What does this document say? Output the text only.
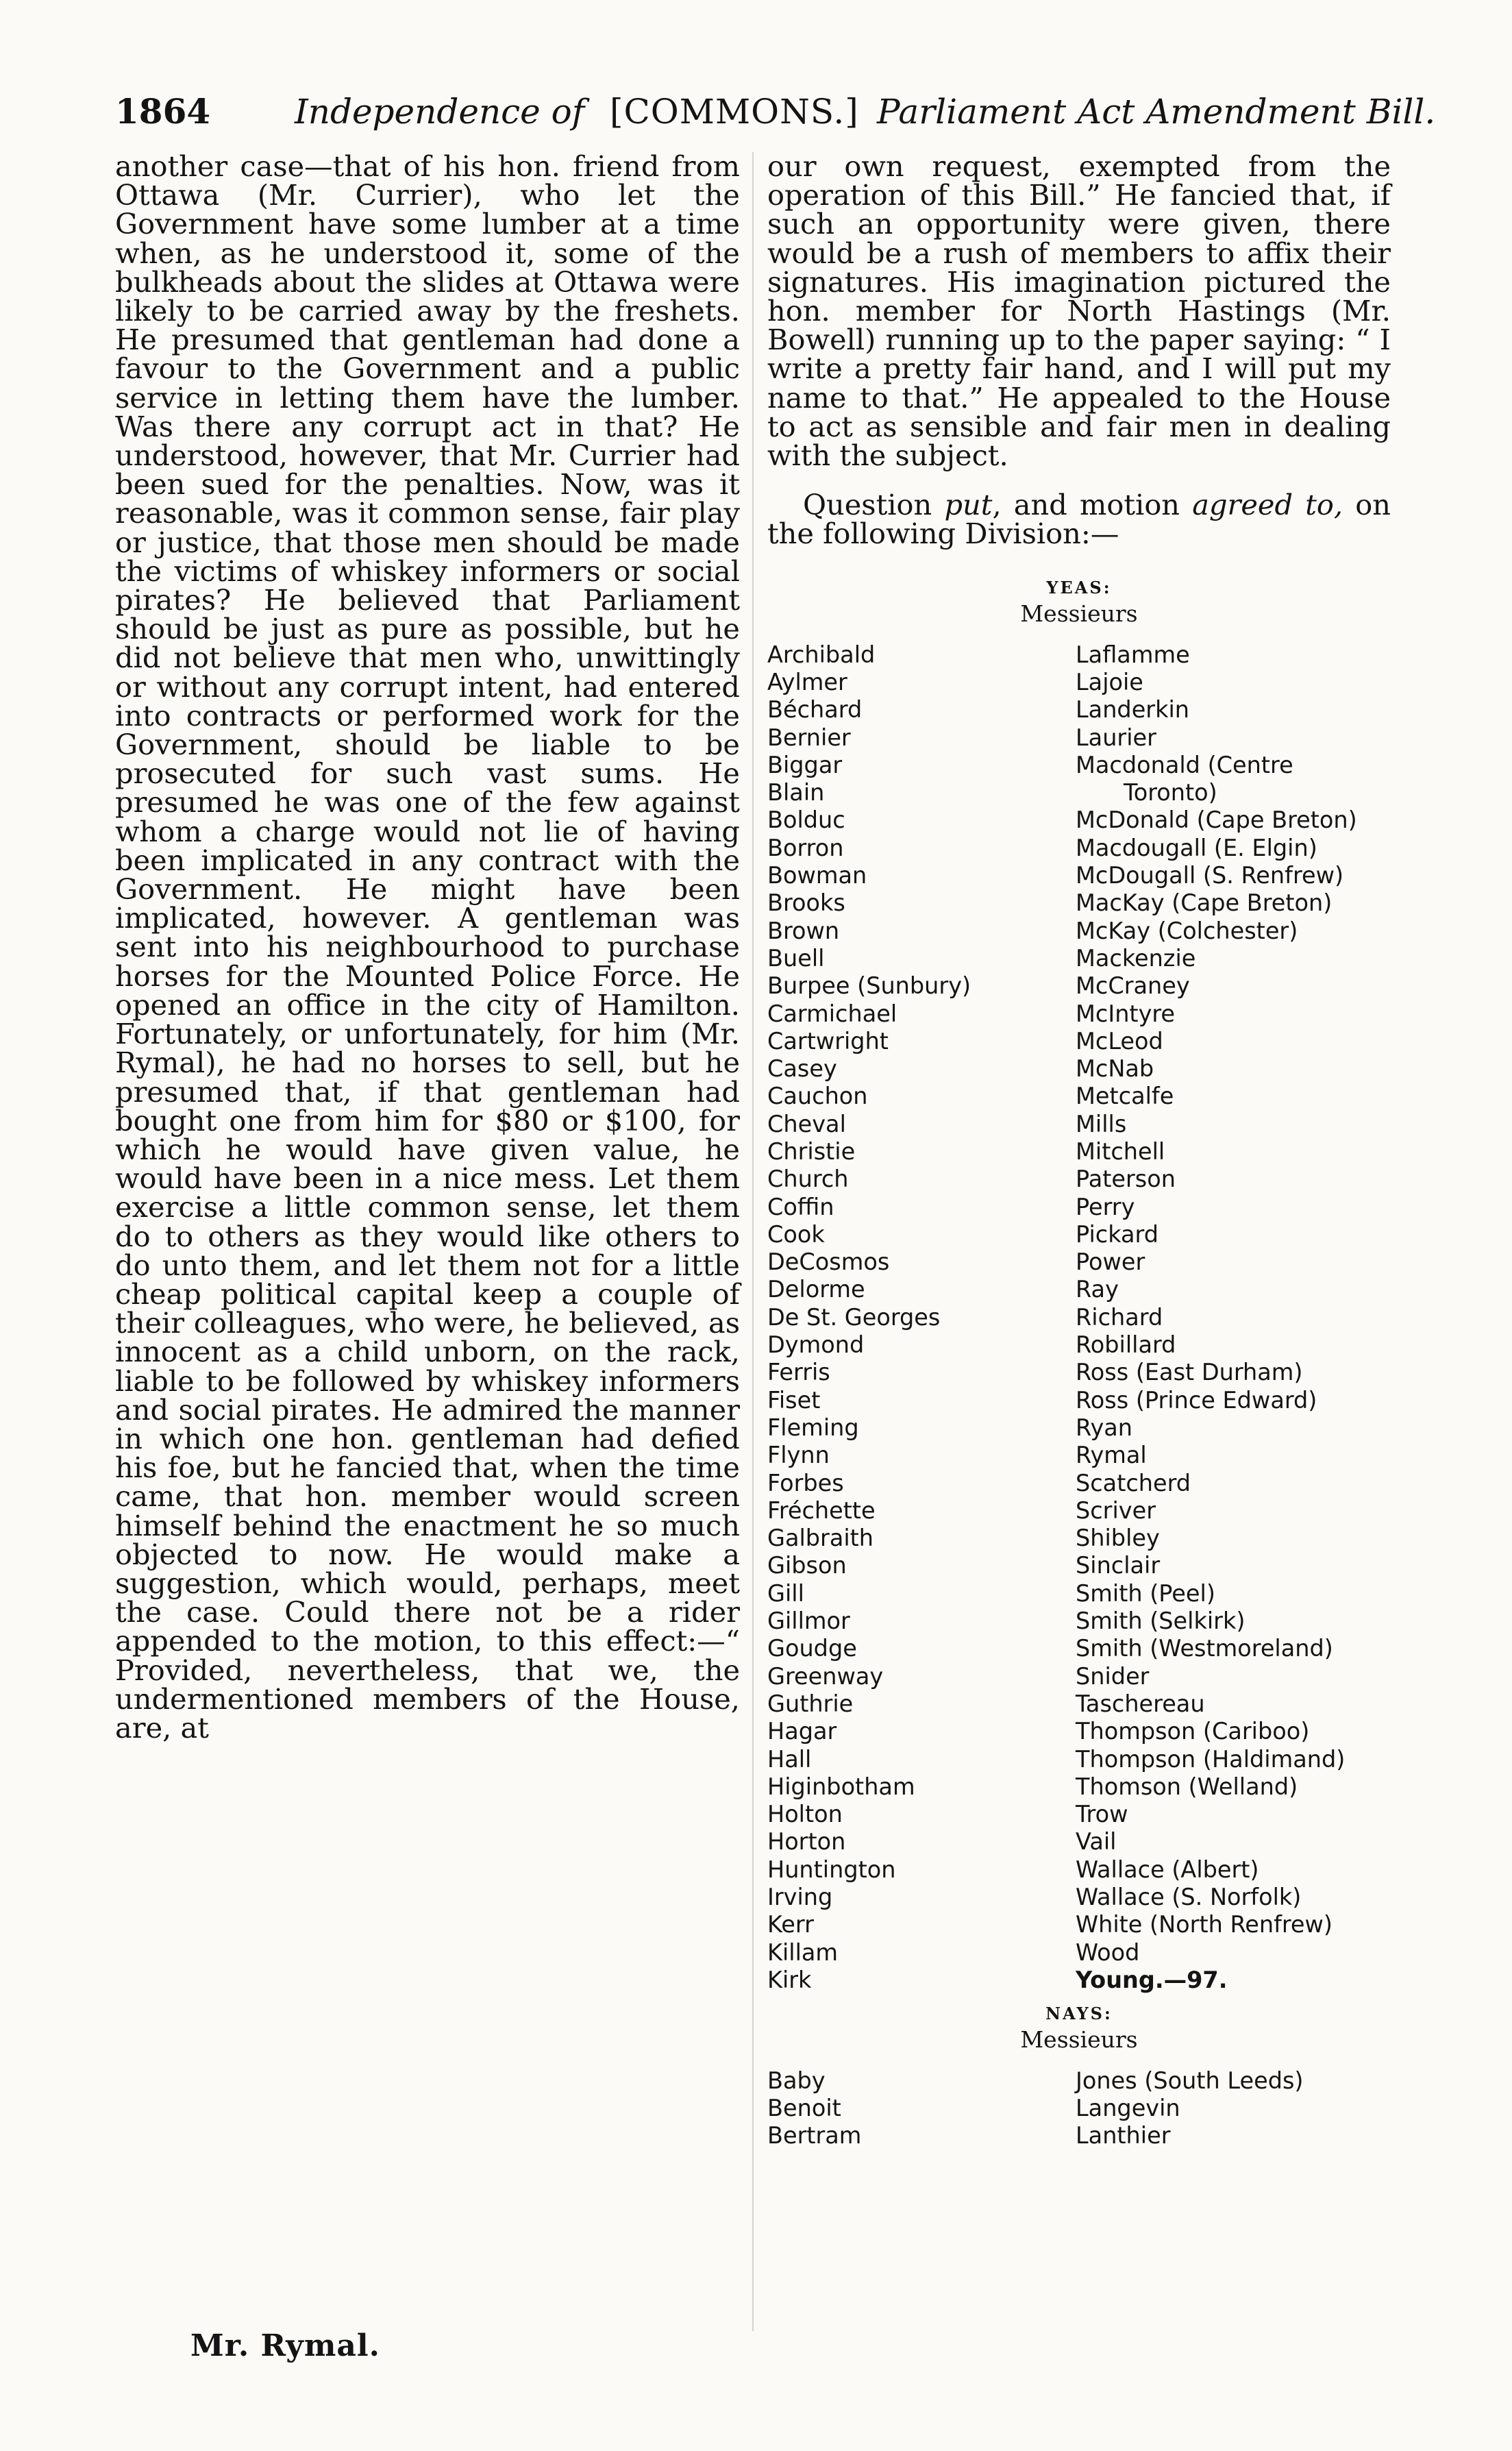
1864 Independence of [COMMONS.] Parliament Act Amendment Bill.

another case—that of his hon. friend from Ottawa (Mr. Currier), who let the Government have some lumber at a time when, as he understood it, some of the bulkheads about the slides at Ottawa were likely to be carried away by the freshets. He presumed that gentleman had done a favour to the Government and a public service in letting them have the lumber. Was there any corrupt act in that? He understood, however, that Mr. Currier had been sued for the penalties. Now, was it reasonable, was it common sense, fair play or justice, that those men should be made the victims of whiskey informers or social pirates? He believed that Parliament should be just as pure as possible, but he did not believe that men who, unwittingly or without any corrupt intent, had entered into contracts or performed work for the Government, should be liable to be prosecuted for such vast sums. He presumed he was one of the few against whom a charge would not lie of having been implicated in any contract with the Government. He might have been implicated, however. A gentleman was sent into his neighbourhood to purchase horses for the Mounted Police Force. He opened an office in the city of Hamilton. Fortunately, or unfortunately, for him (Mr. Rymal), he had no horses to sell, but he presumed that, if that gentleman had bought one from him for $80 or $100, for which he would have given value, he would have been in a nice mess. Let them exercise a little common sense, let them do to others as they would like others to do unto them, and let them not for a little cheap political capital keep a couple of their colleagues, who were, he believed, as innocent as a child unborn, on the rack, liable to be followed by whiskey informers and social pirates. He admired the manner in which one hon. gentleman had defied his foe, but he fancied that, when the time came, that hon. member would screen himself behind the enactment he so much objected to now. He would make a suggestion, which would, perhaps, meet the case. Could there not be a rider appended to the motion, to this effect:—“ Provided, nevertheless, that we, the undermentioned members of the House, are, at

Mr. Rymal.

our own request, exempted from the operation of this Bill.” He fancied that, if such an opportunity were given, there would be a rush of members to affix their signatures. His imagination pictured the hon. member for North Hastings (Mr. Bowell) running up to the paper saying: “ I write a pretty fair hand, and I will put my name to that.” He appealed to the House to act as sensible and fair men in dealing with the subject.

Question put, and motion agreed to, on the following Division:—

YEAS:
Messieurs
Archibald
Aylmer
Béchard
Bernier
Biggar
Blain
Bolduc
Borron
Bowman
Brooks
Brown
Buell
Burpee (Sunbury)
Carmichael
Cartwright
Casey
Cauchon
Cheval
Christie
Church
Coffin
Cook
DeCosmos
Delorme
De St. Georges
Dymond
Ferris
Fiset
Fleming
Flynn
Forbes
Fréchette
Galbraith
Gibson
Gill
Gillmor
Goudge
Greenway
Guthrie
Hagar
Hall
Higinbotham
Holton
Horton
Huntington
Irving
Kerr
Killam
Kirk
Laflamme
Lajoie
Landerkin
Laurier
Macdonald (Centre
Toronto)
McDonald (Cape Breton)
Macdougall (E. Elgin)
McDougall (S. Renfrew)
MacKay (Cape Breton)
McKay (Colchester)
Mackenzie
McCraney
McIntyre
McLeod
McNab
Metcalfe
Mills
Mitchell
Paterson
Perry
Pickard
Power
Ray
Richard
Robillard
Ross (East Durham)
Ross (Prince Edward)
Ryan
Rymal
Scatcherd
Scriver
Shibley
Sinclair
Smith (Peel)
Smith (Selkirk)
Smith (Westmoreland)
Snider
Taschereau
Thompson (Cariboo)
Thompson (Haldimand)
Thomson (Welland)
Trow
Vail
Wallace (Albert)
Wallace (S. Norfolk)
White (North Renfrew)
Wood
Young.—97.
NAYS:
Messieurs
Baby
Benoit
Bertram
Jones (South Leeds)
Langevin
Lanthier
